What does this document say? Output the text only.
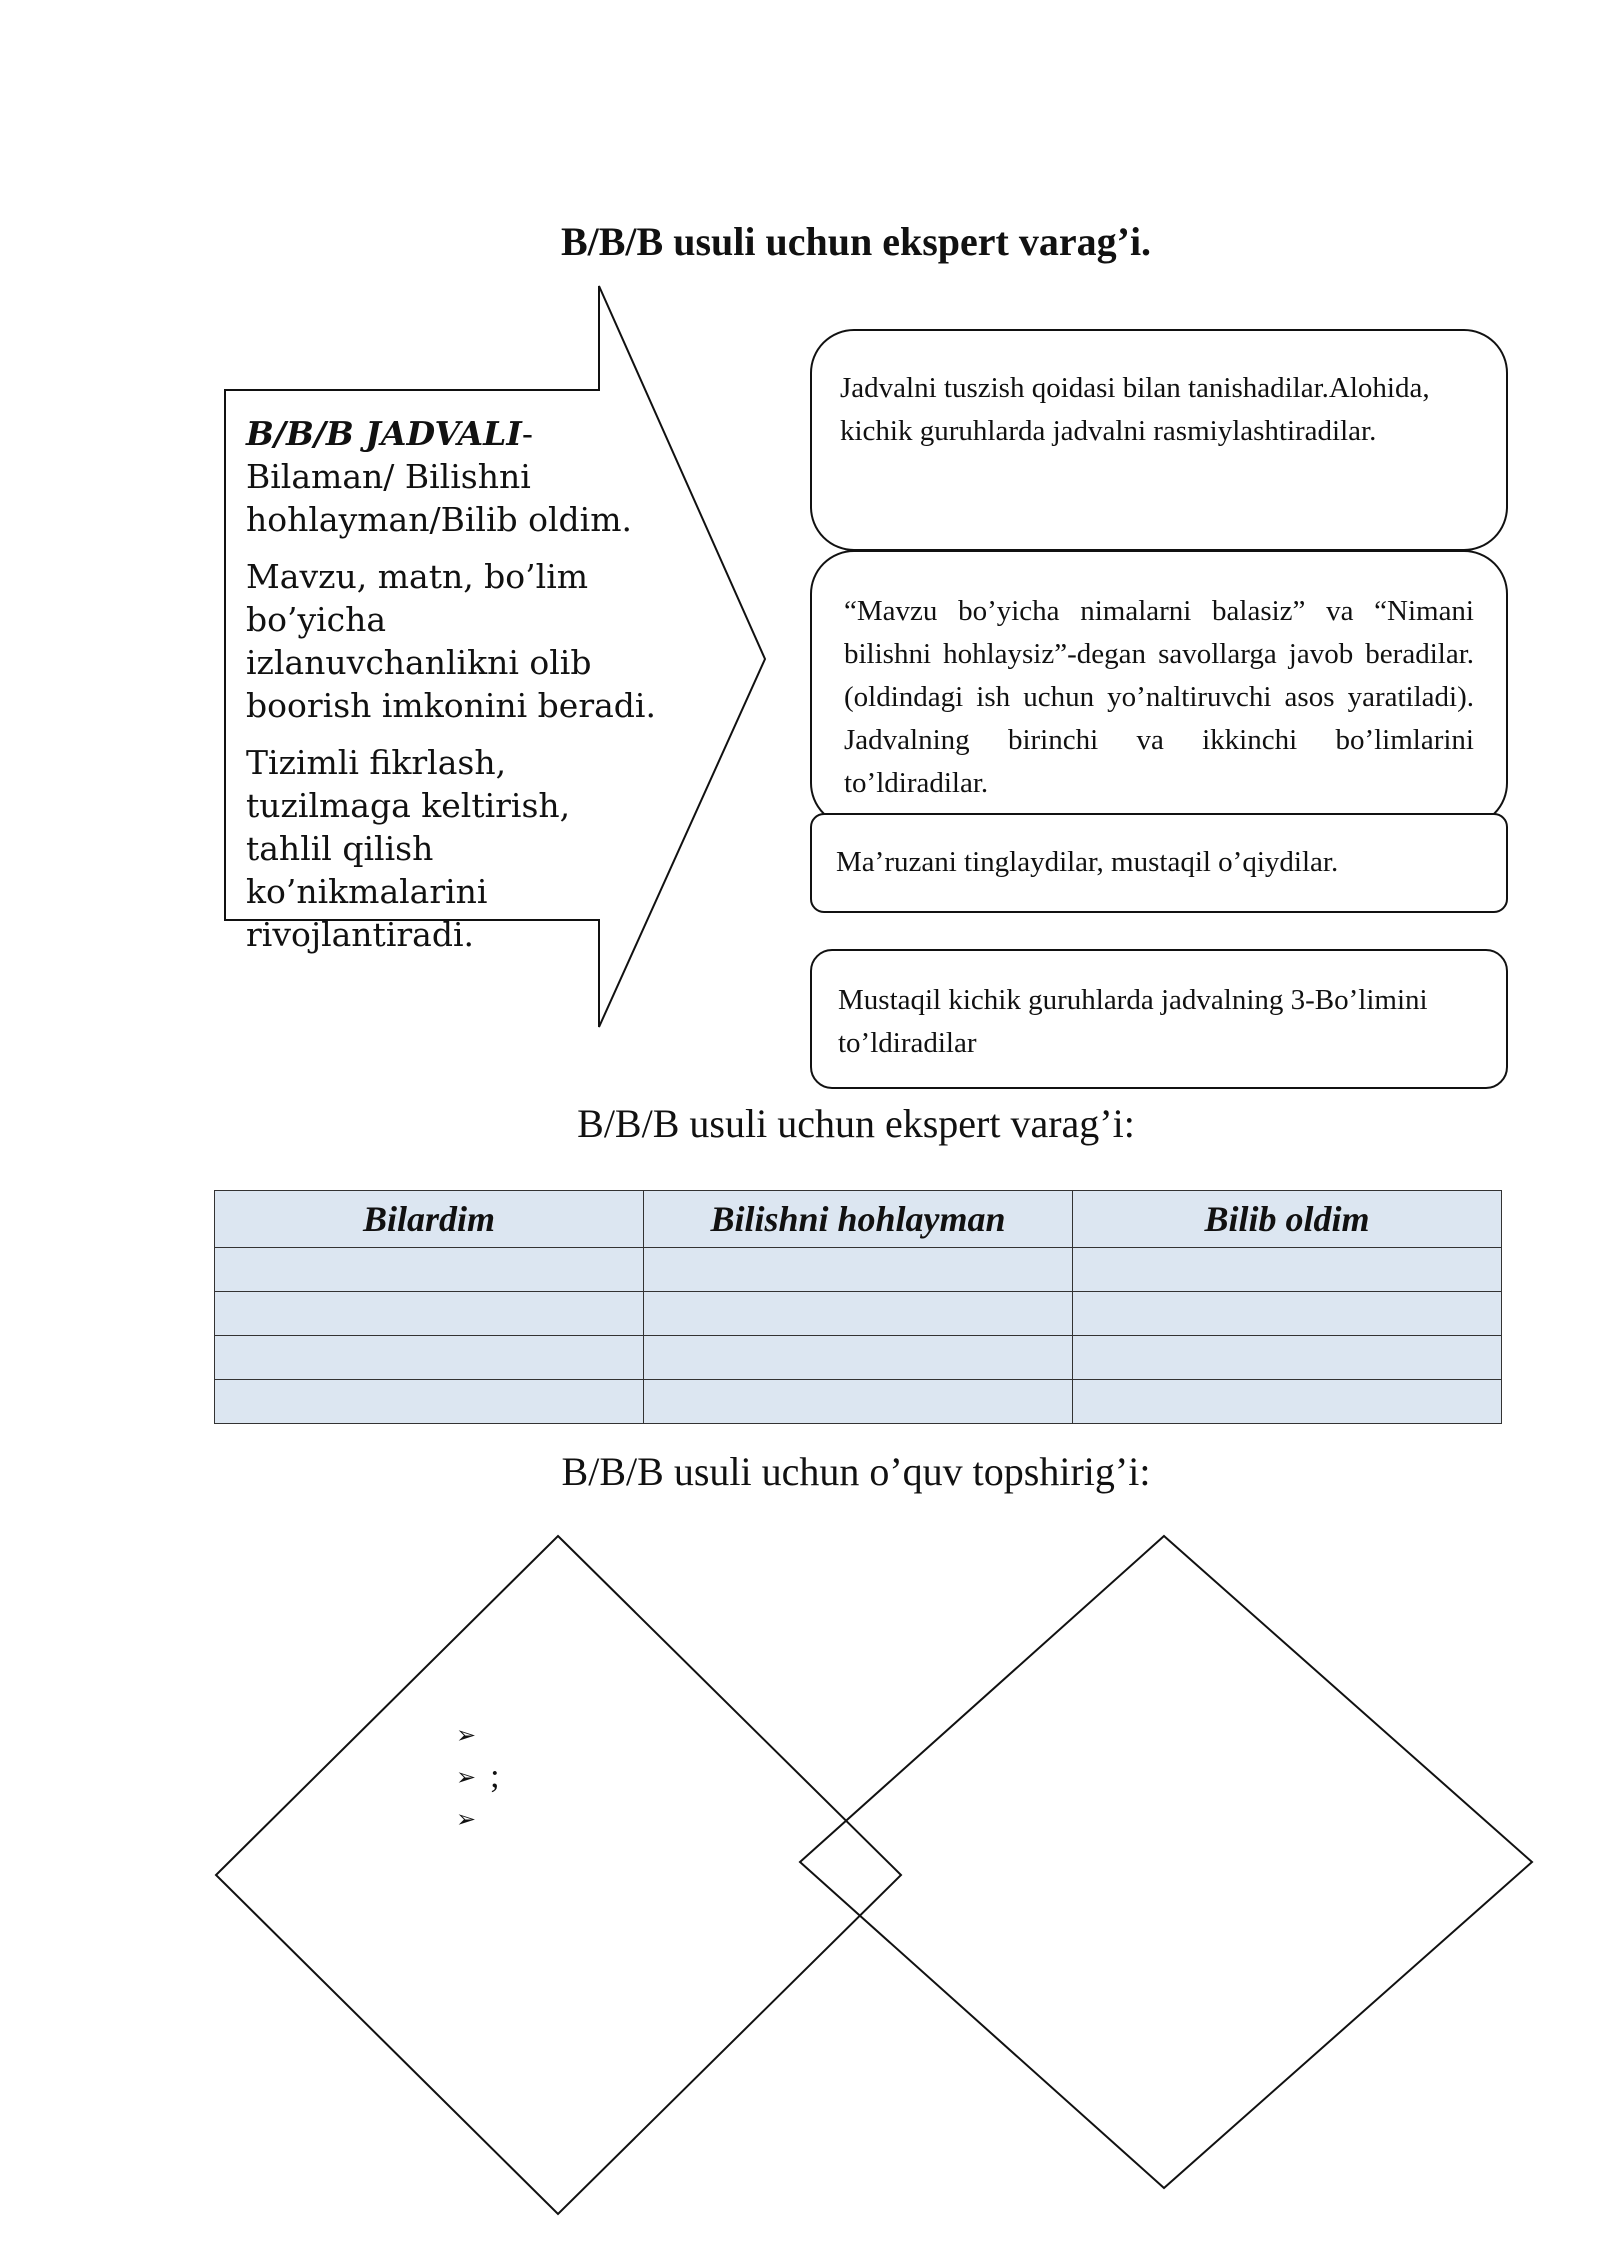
B/B/B usuli uchun ekspert varag’i.

B/B/B JADVALI-
Bilaman/ Bilishni hohlayman/Bilib oldim.

Mavzu, matn, bo’lim bo’yicha izlanuvchanlikni olib boorish imkonini beradi.

Tizimli fikrlash, tuzilmaga keltirish, tahlil qilish ko’nikmalarini rivojlantiradi.

Jadvalni tuszish qoidasi bilan tanishadilar.Alohida, kichik guruhlarda jadvalni rasmiylashtiradilar.
“Mavzu bo’yicha nimalarni balasiz” va “Nimani bilishni hohlaysiz”-degan savollarga javob beradilar. (oldindagi ish uchun yo’naltiruvchi asos yaratiladi). Jadvalning birinchi va ikkinchi bo’limlarini to’ldiradilar.
Ma’ruzani tinglaydilar, mustaqil o’qiydilar.
Mustaqil kichik guruhlarda jadvalning 3-Bo’limini to’ldiradilar
B/B/B usuli uchun ekspert varag’i:
Bilardim	Bilishni hohlayman	Bilib oldim

B/B/B usuli uchun o’quv topshirig’i:
➢
➢ ;
➢
